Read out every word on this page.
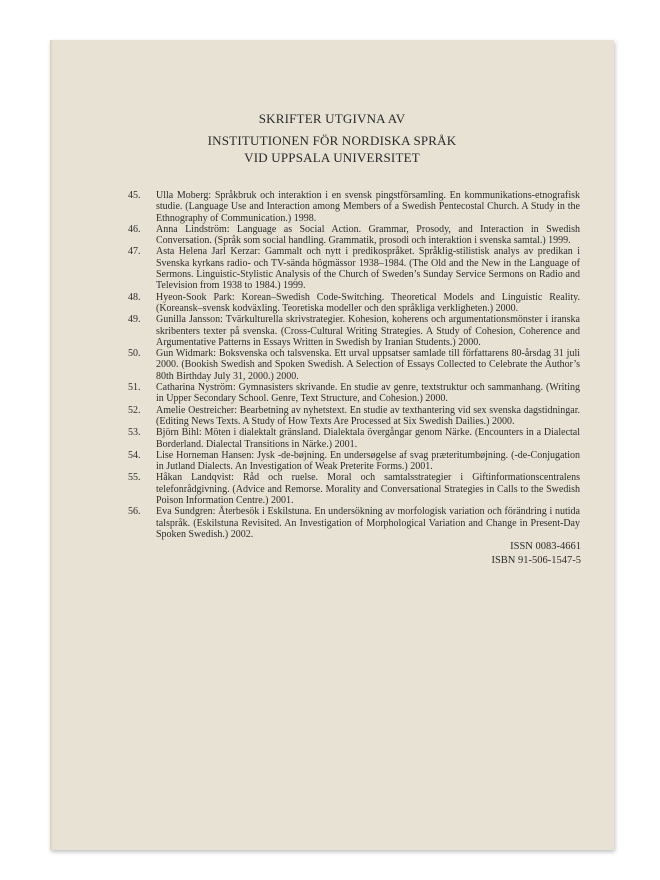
SKRIFTER UTGIVNA AV
INSTITUTIONEN FÖR NORDISKA SPRÅK
VID UPPSALA UNIVERSITET
45.	Ulla Moberg: Språkbruk och interaktion i en svensk pingstförsamling. En kommunikations-etnografisk studie. (Language Use and Interaction among Members of a Swedish Pentecostal Church. A Study in the Ethnography of Communication.) 1998.
46.	Anna Lindström: Language as Social Action. Grammar, Prosody, and Interaction in Swedish Conversation. (Språk som social handling. Grammatik, prosodi och interaktion i svenska samtal.) 1999.
47.	Asta Helena Jarl Kerzar: Gammalt och nytt i predikospråket. Språklig-stilistisk analys av predikan i Svenska kyrkans radio- och TV-sända högmässor 1938–1984. (The Old and the New in the Language of Sermons. Linguistic-Stylistic Analysis of the Church of Sweden’s Sunday Service Sermons on Radio and Television from 1938 to 1984.) 1999.
48.	Hyeon-Sook Park: Korean–Swedish Code-Switching. Theoretical Models and Linguistic Reality. (Koreansk–svensk kodväxling. Teoretiska modeller och den språkliga verkligheten.) 2000.
49.	Gunilla Jansson: Tvärkulturella skrivstrategier. Kohesion, koherens och argumentationsmönster i iranska skribenters texter på svenska. (Cross-Cultural Writing Strategies. A Study of Cohesion, Coherence and Argumentative Patterns in Essays Written in Swedish by Iranian Students.) 2000.
50.	Gun Widmark: Boksvenska och talsvenska. Ett urval uppsatser samlade till författarens 80-årsdag 31 juli 2000. (Bookish Swedish and Spoken Swedish. A Selection of Essays Collected to Celebrate the Author’s 80th Birthday July 31, 2000.) 2000.
51.	Catharina Nyström: Gymnasisters skrivande. En studie av genre, textstruktur och sammanhang. (Writing in Upper Secondary School. Genre, Text Structure, and Cohesion.) 2000.
52.	Amelie Oestreicher: Bearbetning av nyhetstext. En studie av texthantering vid sex svenska dagstidningar. (Editing News Texts. A Study of How Texts Are Processed at Six Swedish Dailies.) 2000.
53.	Björn Bihl: Möten i dialektalt gränsland. Dialektala övergångar genom Närke. (Encounters in a Dialectal Borderland. Dialectal Transitions in Närke.) 2001.
54.	Lise Horneman Hansen: Jysk -de-bøjning. En undersøgelse af svag præteritumbøjning. (-de-Conjugation in Jutland Dialects. An Investigation of Weak Preterite Forms.) 2001.
55.	Håkan Landqvist: Råd och ruelse. Moral och samtalsstrategier i Giftinformationscentralens telefonrådgivning. (Advice and Remorse. Morality and Conversational Strategies in Calls to the Swedish Poison Information Centre.) 2001.
56.	Eva Sundgren: Återbesök i Eskilstuna. En undersökning av morfologisk variation och förändring i nutida talspråk. (Eskilstuna Revisited. An Investigation of Morphological Variation and Change in Present-Day Spoken Swedish.) 2002.
ISSN 0083-4661
ISBN 91-506-1547-5
